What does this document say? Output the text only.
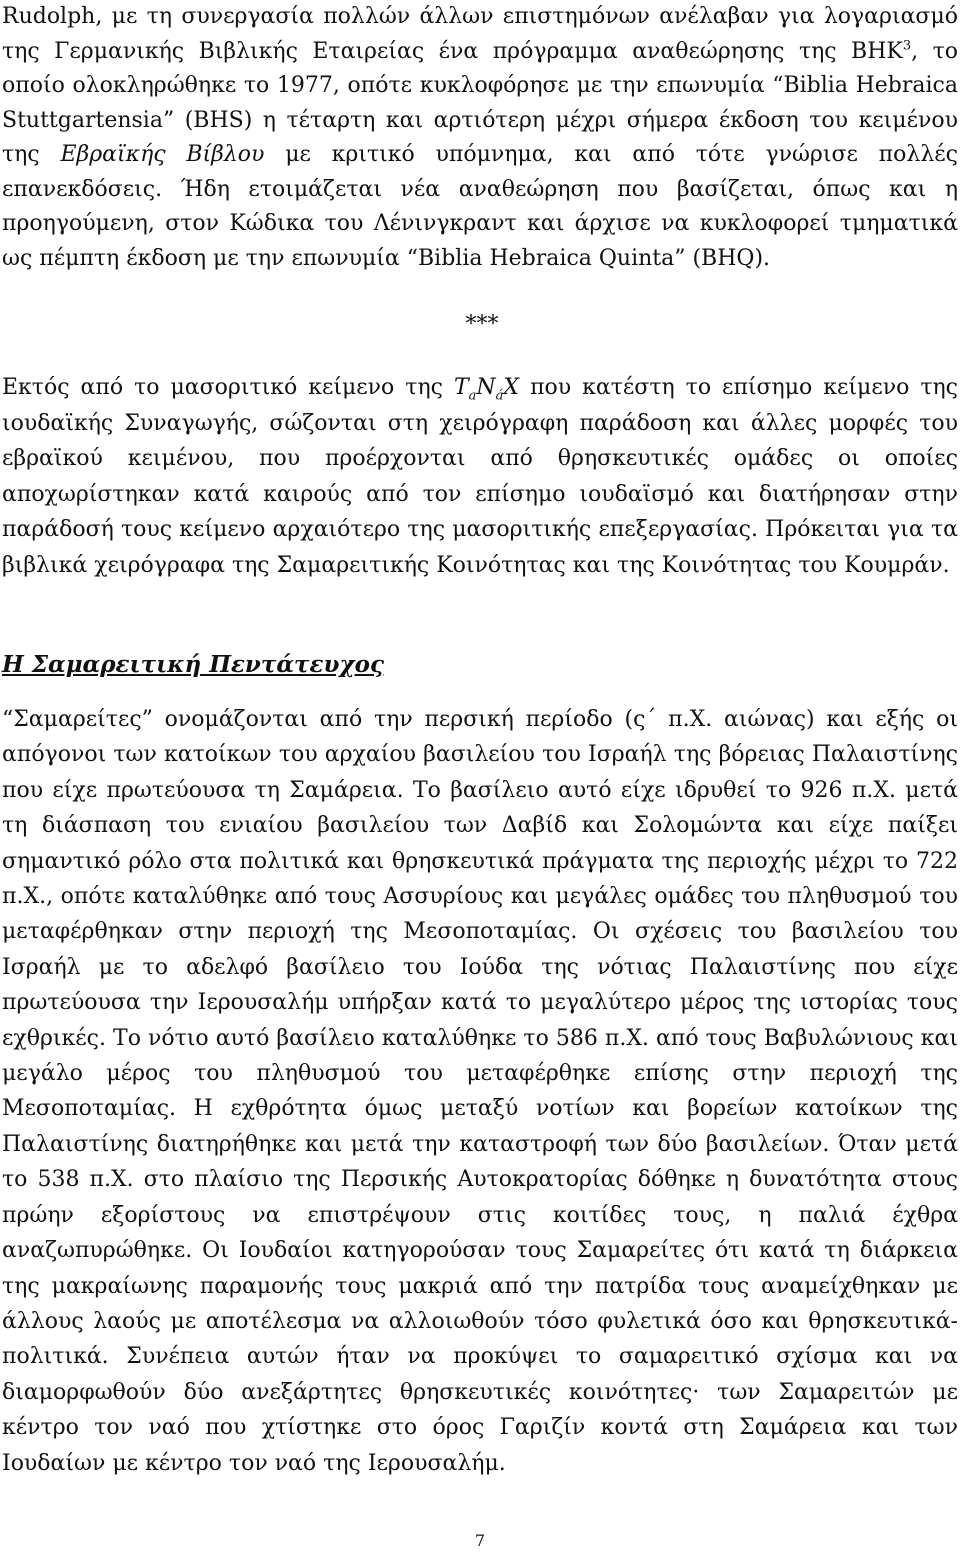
Rudolph, με τη συνεργασία πολλών άλλων επιστημόνων ανέλαβαν για λογαριασμό της Γερμανικής Βιβλικής Εταιρείας ένα πρόγραμμα αναθεώρησης της BHK$^3$, το οποίο ολοκληρώθηκε το 1977, οπότε κυκλοφόρησε με την επωνυμία “Biblia Hebraica Stuttgartensia” (BHS) η τέταρτη και αρτιότερη μέχρι σήμερα έκδοση του κειμένου της Εβραϊκής Βίβλου με κριτικό υπόμνημα, και από τότε γνώρισε πολλές επανεκδόσεις. Ήδη ετοιμάζεται νέα αναθεώρηση που βασίζεται, όπως και η προηγούμενη, στον Κώδικα του Λένινγκραντ και άρχισε να κυκλοφορεί τμηματικά ως πέμπτη έκδοση με την επωνυμία “Biblia Hebraica Quinta” (BHQ).

***

Εκτός από το μασοριτικό κείμενο της $T_aN_áX$ που κατέστη το επίσημο κείμενο της ιουδαϊκής Συναγωγής, σώζονται στη χειρόγραφη παράδοση και άλλες μορφές του εβραϊκού κειμένου, που προέρχονται από θρησκευτικές ομάδες οι οποίες αποχωρίστηκαν κατά καιρούς από τον επίσημο ιουδαϊσμό και διατήρησαν στην παράδοσή τους κείμενο αρχαιότερο της μασοριτικής επεξεργασίας. Πρόκειται για τα βιβλικά χειρόγραφα της Σαμαρειτικής Κοινότητας και της Κοινότητας του Κουμράν.

Η Σαμαρειτική Πεντάτευχος

“Σαμαρείτες” ονομάζονται από την περσική περίοδο (ς΄ π.Χ. αιώνας) και εξής οι απόγονοι των κατοίκων του αρχαίου βασιλείου του Ισραήλ της βόρειας Παλαιστίνης που είχε πρωτεύουσα τη Σαμάρεια. Το βασίλειο αυτό είχε ιδρυθεί το 926 π.Χ. μετά τη διάσπαση του ενιαίου βασιλείου των Δαβίδ και Σολομώντα και είχε παίξει σημαντικό ρόλο στα πολιτικά και θρησκευτικά πράγματα της περιοχής μέχρι το 722 π.Χ., οπότε καταλύθηκε από τους Ασσυρίους και μεγάλες ομάδες του πληθυσμού του μεταφέρθηκαν στην περιοχή της Μεσοποταμίας. Οι σχέσεις του βασιλείου του Ισραήλ με το αδελφό βασίλειο του Ιούδα της νότιας Παλαιστίνης που είχε πρωτεύουσα την Ιερουσαλήμ υπήρξαν κατά το μεγαλύτερο μέρος της ιστορίας τους εχθρικές. Το νότιο αυτό βασίλειο καταλύθηκε το 586 π.Χ. από τους Βαβυλώνιους και μεγάλο μέρος του πληθυσμού του μεταφέρθηκε επίσης στην περιοχή της Μεσοποταμίας. Η εχθρότητα όμως μεταξύ νοτίων και βορείων κατοίκων της Παλαιστίνης διατηρήθηκε και μετά την καταστροφή των δύο βασιλείων. Όταν μετά το 538 π.Χ. στο πλαίσιο της Περσικής Αυτοκρατορίας δόθηκε η δυνατότητα στους πρώην εξορίστους να επιστρέψουν στις κοιτίδες τους, η παλιά έχθρα αναζωπυρώθηκε. Οι Ιουδαίοι κατηγορούσαν τους Σαμαρείτες ότι κατά τη διάρκεια της μακραίωνης παραμονής τους μακριά από την πατρίδα τους αναμείχθηκαν με άλλους λαούς με αποτέλεσμα να αλλοιωθούν τόσο φυλετικά όσο και θρησκευτικά-πολιτικά. Συνέπεια αυτών ήταν να προκύψει το σαμαρειτικό σχίσμα και να διαμορφωθούν δύο ανεξάρτητες θρησκευτικές κοινότητες· των Σαμαρειτών με κέντρο τον ναό που χτίστηκε στο όρος Γαριζίν κοντά στη Σαμάρεια και των Ιουδαίων με κέντρο τον ναό της Ιερουσαλήμ.

7
